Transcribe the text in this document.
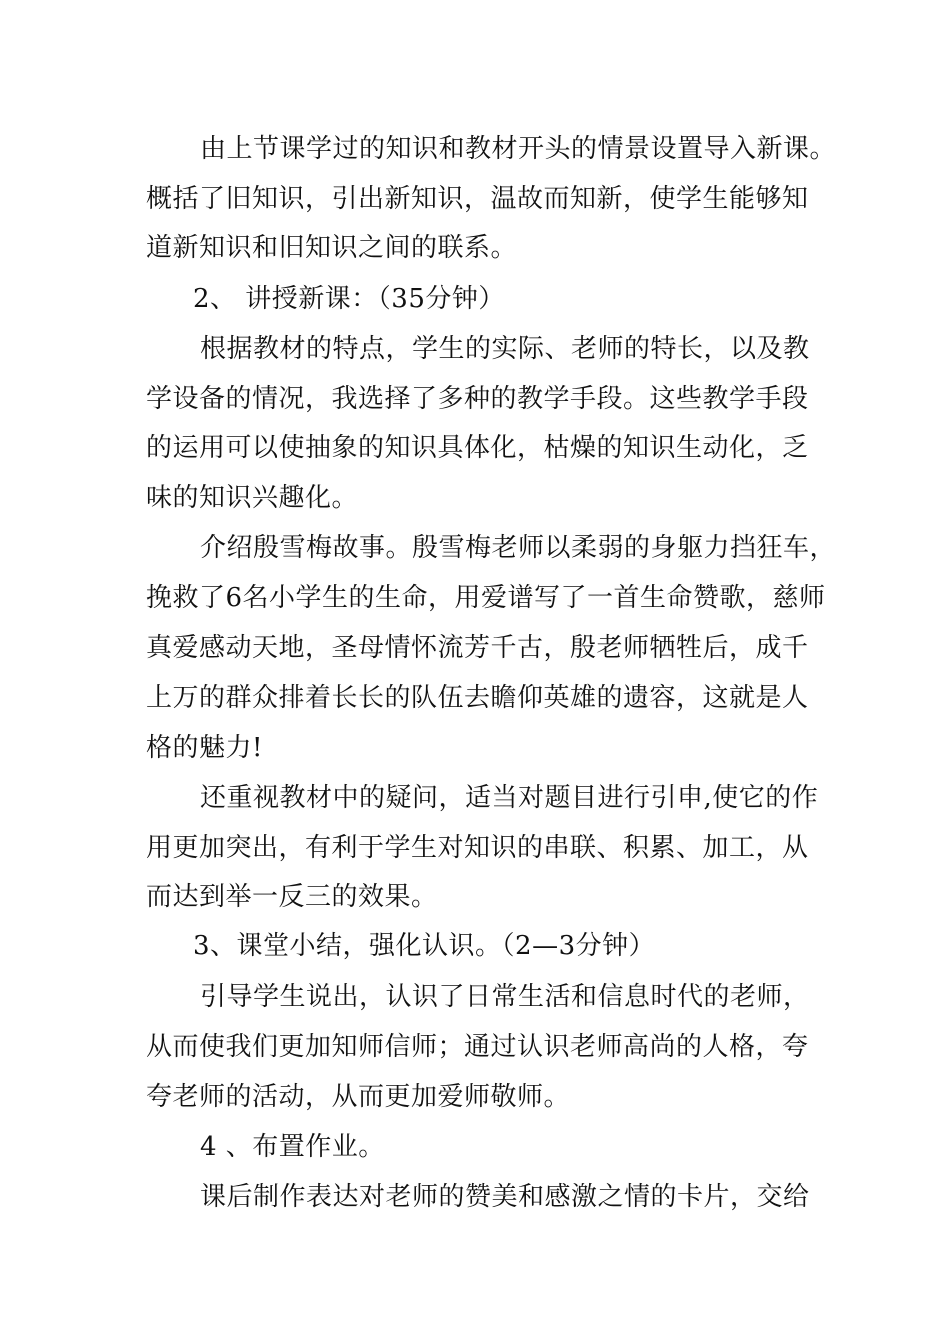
由上节课学过的知识和教材开头的情景设置导入新课。
概括了旧知识，引出新知识，温故而知新，使学生能够知
道新知识和旧知识之间的联系。
2、 讲授新课：（35分钟）
根据教材的特点，学生的实际、老师的特长，以及教
学设备的情况，我选择了多种的教学手段。这些教学手段
的运用可以使抽象的知识具体化，枯燥的知识生动化，乏
味的知识兴趣化。
介绍殷雪梅故事。殷雪梅老师以柔弱的身躯力挡狂车，
挽救了6名小学生的生命，用爱谱写了一首生命赞歌，慈师
真爱感动天地，圣母情怀流芳千古，殷老师牺牲后，成千
上万的群众排着长长的队伍去瞻仰英雄的遗容，这就是人
格的魅力!
还重视教材中的疑问，适当对题目进行引申,使它的作
用更加突出，有利于学生对知识的串联、积累、加工，从
而达到举一反三的效果。
3、课堂小结，强化认识。（2—3分钟）
引导学生说出，认识了日常生活和信息时代的老师，
从而使我们更加知师信师；通过认识老师高尚的人格，夸
夸老师的活动，从而更加爱师敬师。
4 、布置作业。
课后制作表达对老师的赞美和感激之情的卡片，交给
